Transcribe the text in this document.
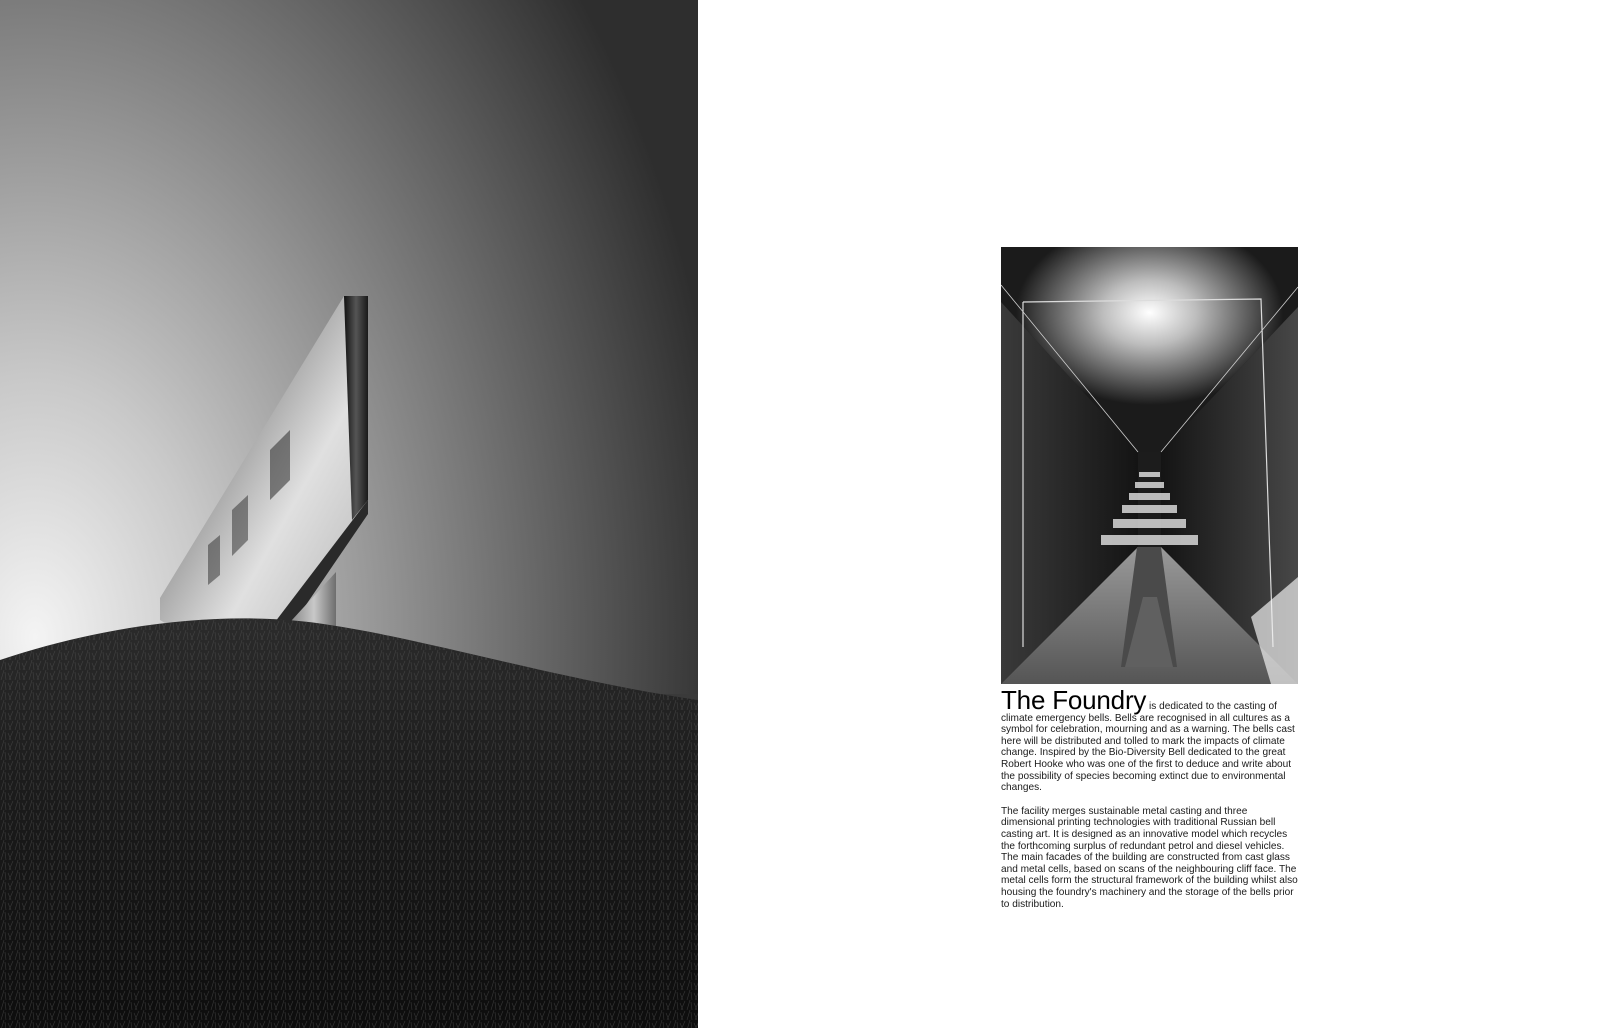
The Foundry is dedicated to the casting of climate emergency bells. Bells are recognised in all cultures as a symbol for celebration, mourning and as a warning. The bells cast here will be distributed and tolled to mark the impacts of climate change. Inspired by the Bio-Diversity Bell dedicated to the great Robert Hooke who was one of the first to deduce and write about the possibility of species becoming extinct due to environmental changes.

The facility merges sustainable metal casting and three dimensional printing technologies with traditional Russian bell casting art. It is designed as an innovative model which recycles the forthcoming surplus of redundant petrol and diesel vehicles. The main facades of the building are constructed from cast glass and metal cells, based on scans of the neighbouring cliff face. The metal cells form the structural framework of the building whilst also housing the foundry's machinery and the storage of the bells prior to distribution.
